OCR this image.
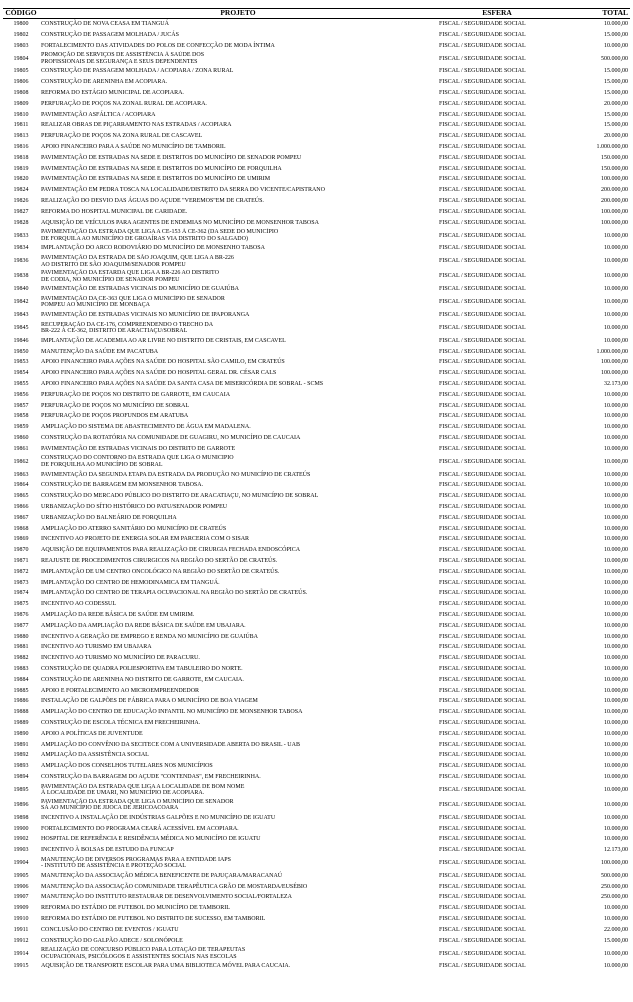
CÓDIGO	PROJETO	ESFERA	TOTAL
19800	CONSTRUÇÃO DE NOVA CEASA EM TIANGUÁ	FISCAL / SEGURIDADE SOCIAL	10.000,00
19802	CONSTRUÇÃO DE PASSAGEM MOLHADA / JUCÁS	FISCAL / SEGURIDADE SOCIAL	15.000,00
19803	FORTALECIMENTO DAS ATIVIDADES DO POLOS DE CONFECÇÃO DE MODA ÍNTIMA	FISCAL / SEGURIDADE SOCIAL	10.000,00
19804	PROMOÇÃO DE SERVIÇOS DE ASSISTÊNCIA À SAÚDE DOS
PROFISSIONAIS DE SEGURANÇA E SEUS DEPENDENTES	FISCAL / SEGURIDADE SOCIAL	500.000,00
19805	CONSTRUÇÃO DE PASSAGEM MOLHADA / ACOPIARA / ZONA RURAL	FISCAL / SEGURIDADE SOCIAL	15.000,00
19806	CONSTRUÇÃO DE ARENINHA EM ACOPIARA.	FISCAL / SEGURIDADE SOCIAL	15.000,00
19808	REFORMA DO ESTÁGIO MUNICIPAL DE ACOPIARA.	FISCAL / SEGURIDADE SOCIAL	15.000,00
19809	PERFURAÇÃO DE POÇOS NA ZONAL RURAL DE ACOPIARA.	FISCAL / SEGURIDADE SOCIAL	20.000,00
19810	PAVIMENTAÇÃO ASFÁLTICA / ACOPIARA	FISCAL / SEGURIDADE SOCIAL	15.000,00
19811	REALIZAR OBRAS DE PIÇARRAMENTO NAS ESTRADAS / ACOPIARA	FISCAL / SEGURIDADE SOCIAL	15.000,00
19813	PERFURAÇÃO DE POÇOS NA ZONA RURAL DE CASCAVEL	FISCAL / SEGURIDADE SOCIAL	20.000,00
19816	APOIO FINANCEIRO PARA A SAÚDE NO MUNICÍPIO DE TAMBORIL	FISCAL / SEGURIDADE SOCIAL	1.000.000,00
19818	PAVIMENTAÇÃO DE ESTRADAS NA SEDE E DISTRITOS DO MUNICÍPIO DE SENADOR POMPEU	FISCAL / SEGURIDADE SOCIAL	150.000,00
19819	PAVIMENTAÇÃO DE ESTRADAS NA SEDE E DISTRITOS DO MUNICÍPIO DE FORQUILHA	FISCAL / SEGURIDADE SOCIAL	150.000,00
19820	PAVIMENTAÇÃO DE ESTRADAS NA SEDE E DISTRITOS DO MUNICÍPIO DE UMIRIM	FISCAL / SEGURIDADE SOCIAL	100.000,00
19824	PAVIMENTAÇÃO EM PEDRA TOSCA NA LOCALIDADE/DISTRITO DA SERRA DO VICENTE/CAPISTRANO	FISCAL / SEGURIDADE SOCIAL	200.000,00
19826	REALIZAÇÃO DO DESVIO DAS ÁGUAS DO AÇUDE "VEREMOS"EM DE CRATEÚS.	FISCAL / SEGURIDADE SOCIAL	200.000,00
19827	REFORMA DO HOSPITAL MUNICIPAL DE CARIDADE.	FISCAL / SEGURIDADE SOCIAL	100.000,00
19828	AQUISIÇÃO DE VEÍCULOS PARA AGENTES DE ENDEMIAS NO MUNICÍPIO DE MONSENHOR TABOSA	FISCAL / SEGURIDADE SOCIAL	100.000,00
19833	PAVIMENTAÇÃO DA ESTRADA QUE LIGA A CE-153 À CE-362 (DA SEDE DO MUNICÍPIO
DE FORQUILA AO MUNICÍPIO DE GROAÍRAS VIA DISTRITO DO SALGADO)	FISCAL / SEGURIDADE SOCIAL	10.000,00
19834	IMPLANTAÇÃO DO ARCO RODOVIÁRIO DO MUNICÍPIO DE MONSENHO TABOSA	FISCAL / SEGURIDADE SOCIAL	10.000,00
19836	PAVIMENTAÇÃO DA ESTRADA DE SÃO JOAQUIM, QUE LIGA A BR-226
AO DISTRITO DE SÃO JOAQUIM/SENADOR POMPEU	FISCAL / SEGURIDADE SOCIAL	10.000,00
19838	PAVIMENTAÇÃO DA ESTARDA QUE LIGA A BR-226 AO DISTRITO
DE CODIA, NO MUNICÍPIO DE SENADOR POMPEU	FISCAL / SEGURIDADE SOCIAL	10.000,00
19840	PAVIMENTAÇÃO DE ESTRADAS VICINAIS DO MUNICÍPIO DE GUAIÚBA	FISCAL / SEGURIDADE SOCIAL	10.000,00
19842	PAVIMENTAÇÃO DA CE-363 QUE LIGA O MUNICÍPIO DE SENADOR
POMPEU AO MUNICÍPIO DE MONBAÇA	FISCAL / SEGURIDADE SOCIAL	10.000,00
19843	PAVIMENTAÇÃO DE ESTRADAS VICINAIS NO MUNICÍPIO DE IPAPORANGA	FISCAL / SEGURIDADE SOCIAL	10.000,00
19845	RECUPERAÇÃO DA CE-176, COMPREENDENDO O TRECHO DA
BR-222 À CE-362, DISTRITO DE ARACTIAÇU/SOBRAL	FISCAL / SEGURIDADE SOCIAL	10.000,00
19846	IMPLANTAÇÃO DE ACADEMIA AO AR LIVRE NO DISTRITO DE CRISTAIS, EM CASCAVEL	FISCAL / SEGURIDADE SOCIAL	10.000,00
19850	MANUTENÇÃO DA SAÚDE EM PACATUBA	FISCAL / SEGURIDADE SOCIAL	1.000.000,00
19853	APOIO FINANCEIRO PARA AÇÕES NA SAÚDE DO HOSPITAL SÃO CAMILO, EM CRATEÚS	FISCAL / SEGURIDADE SOCIAL	100.000,00
19854	APOIO FINANCEIRO PARA AÇÕES NA SAÚDE DO HOSPITAL GERAL DR. CÉSAR CALS	FISCAL / SEGURIDADE SOCIAL	100.000,00
19855	APOIO FINANCEIRO PARA AÇÕES NA SAÚDE DA SANTA CASA DE MISERICÓRDIA DE SOBRAL - SCMS	FISCAL / SEGURIDADE SOCIAL	32.173,00
19856	PERFURAÇÃO DE POÇOS NO DISTRITO DE GARROTE, EM CAUCAIA	FISCAL / SEGURIDADE SOCIAL	10.000,00
19857	PERFURAÇÃO DE POÇOS NO MUNICÍPIO DE SOBRAL	FISCAL / SEGURIDADE SOCIAL	10.000,00
19858	PERFURAÇÃO DE POÇOS PROFUNDOS EM ARATUBA	FISCAL / SEGURIDADE SOCIAL	10.000,00
19859	AMPLIAÇÃO DO SISTEMA DE ABASTECIMENTO DE ÁGUA EM MADALENA.	FISCAL / SEGURIDADE SOCIAL	10.000,00
19860	CONSTRUÇÃO DA ROTATÓRIA NA COMUNIDADE DE GUAGIRU, NO MUNICÍPIO DE CAUCAIA	FISCAL / SEGURIDADE SOCIAL	10.000,00
19861	PAVIMENTAÇÃO DE ESTRADAS VICINAIS DO DISTRITO DE GARROTE	FISCAL / SEGURIDADE SOCIAL	10.000,00
19862	CONSTRUÇÃO DO CONTORNO DA ESTRADA QUE LIGA O MUNICÍPIO
DE FORQUILHA AO MUNICÍPIO DE SOBRAL	FISCAL / SEGURIDADE SOCIAL	10.000,00
19863	PAVIMENTAÇÃO DA SEGUNDA ETAPA DA ESTRADA DA PRODUÇÃO NO MUNICÍPIO DE CRATEÚS	FISCAL / SEGURIDADE SOCIAL	10.000,00
19864	CONSTRUÇÃO DE BARRAGEM EM MONSENHOR TABOSA.	FISCAL / SEGURIDADE SOCIAL	10.000,00
19865	CONSTRUÇÃO DO MERCADO PÚBLICO DO DISTRITO DE ARACATIAÇU, NO MUNICÍPIO DE SOBRAL	FISCAL / SEGURIDADE SOCIAL	10.000,00
19866	URBANIZAÇÃO DO SÍTIO HISTÓRICO DO PATU/SENADOR POMPEU	FISCAL / SEGURIDADE SOCIAL	10.000,00
19867	URBANIZAÇÃO DO BALNEÁRIO DE FORQUILHA	FISCAL / SEGURIDADE SOCIAL	10.000,00
19868	AMPLIAÇÃO DO ATERRO SANITÁRIO DO MUNICÍPIO DE CRATEÚS	FISCAL / SEGURIDADE SOCIAL	10.000,00
19869	INCENTIVO AO PROJETO DE ENERGIA SOLAR EM PARCERIA COM O SISAR	FISCAL / SEGURIDADE SOCIAL	10.000,00
19870	AQUISIÇÃO DE EQUIPAMENTOS PARA REALIZAÇÃO DE CIRURGIA FECHADA ENDOSCÓPICA	FISCAL / SEGURIDADE SOCIAL	10.000,00
19871	REAJUSTE DE PROCEDIMENTOS CIRURGICOS NA REGIÃO DO SERTÃO DE CRATEÚS.	FISCAL / SEGURIDADE SOCIAL	10.000,00
19872	IMPLANTAÇÃO DE UM CENTRO ONCOLÓGICO NA REGIÃO DO SERTÃO DE CRATEÚS.	FISCAL / SEGURIDADE SOCIAL	10.000,00
19873	IMPLANTAÇÃO DO CENTRO DE HEMODINAMICA EM TIANGUÁ.	FISCAL / SEGURIDADE SOCIAL	10.000,00
19874	IMPLANTAÇÃO DO CENTRO DE TERAPIA OCUPACIONAL NA REGIÃO DO SERTÃO DE CRATEÚS.	FISCAL / SEGURIDADE SOCIAL	10.000,00
19875	INCENTIVO AO CODESSUL	FISCAL / SEGURIDADE SOCIAL	10.000,00
19876	AMPLIAÇÃO DA REDE BÁSICA DE SAÚDE EM UMIRIM.	FISCAL / SEGURIDADE SOCIAL	10.000,00
19877	AMPLIAÇÃO DA AMPLIAÇÃO DA REDE BÁSICA DE SAÚDE EM UBAJARA.	FISCAL / SEGURIDADE SOCIAL	10.000,00
19880	INCENTIVO A GERAÇÃO DE EMPREGO E RENDA NO MUNICÍPIO DE GUAIÚBA	FISCAL / SEGURIDADE SOCIAL	10.000,00
19881	INCENTIVO AO TURISMO EM UBAJARA	FISCAL / SEGURIDADE SOCIAL	10.000,00
19882	INCENTIVO AO TURISMO NO MUNICÍPIO DE PARACURU.	FISCAL / SEGURIDADE SOCIAL	10.000,00
19883	CONSTRUÇÃO DE QUADRA POLIESPORTIVA EM TABULEIRO DO NORTE.	FISCAL / SEGURIDADE SOCIAL	10.000,00
19884	CONSTRUÇÃO DE ARENINHA NO DISTRITO DE GARROTE, EM CAUCAIA.	FISCAL / SEGURIDADE SOCIAL	10.000,00
19885	APOIO E FORTALECIMENTO AO MICROEMPREENDEDOR	FISCAL / SEGURIDADE SOCIAL	10.000,00
19886	INSTALAÇÃO DE GALPÕES DE FÁBRICA PARA O MUNICÍPIO DE BOA VIAGEM	FISCAL / SEGURIDADE SOCIAL	10.000,00
19888	AMPLIAÇÃO DO CENTRO DE EDUCAÇÃO INFANTIL NO MUNICÍPIO DE MONSENHOR TABOSA	FISCAL / SEGURIDADE SOCIAL	10.000,00
19889	CONSTRUÇÃO DE ESCOLA TÉCNICA EM FRECHEIRINHA.	FISCAL / SEGURIDADE SOCIAL	10.000,00
19890	APOIO A POLÍTICAS DE JUVENTUDE	FISCAL / SEGURIDADE SOCIAL	10.000,00
19891	AMPLIAÇÃO DO CONVÊNIO DA SECITECE COM A UNIVERSIDADE ABERTA DO BRASIL - UAB	FISCAL / SEGURIDADE SOCIAL	10.000,00
19892	AMPLIAÇÃO DA ASSISTÊNCIA SOCIAL	FISCAL / SEGURIDADE SOCIAL	10.000,00
19893	AMPLIAÇÃO DOS CONSELHOS TUTELARES NOS MUNICÍPIOS	FISCAL / SEGURIDADE SOCIAL	10.000,00
19894	CONSTRUÇÃO DA BARRAGEM DO AÇUDE "CONTENDAS", EM FRECHEIRINHA.	FISCAL / SEGURIDADE SOCIAL	10.000,00
19895	PAVIMENTAÇÃO DA ESTRADA QUE LIGA A LOCALIDADE DE BOM NOME
À LOCALIDADE DE UMARI, NO MUNICÍPIO DE ACOPIARA.	FISCAL / SEGURIDADE SOCIAL	10.000,00
19896	PAVIMENTAÇÃO DA ESTRADA QUE LIGA O MUNICÍPIO DE SENADOR
SÁ AO MUNICÍPIO DE JIJOCA DE JERICOACOARA	FISCAL / SEGURIDADE SOCIAL	10.000,00
19898	INCENTIVO A INSTALAÇÃO DE INDÚSTRIAS GALPÕES E NO MUNICÍPIO DE IGUATU	FISCAL / SEGURIDADE SOCIAL	10.000,00
19900	FORTALECIMENTO DO PROGRAMA CEARÁ ACESSÍVEL EM ACOPIARA.	FISCAL / SEGURIDADE SOCIAL	10.000,00
19902	HOSPITAL DE REFERÊNCIA E RESIDÊNCIA MÉDICA NO MUNICÍPIO DE IGUATU	FISCAL / SEGURIDADE SOCIAL	10.000,00
19903	INCENTIVO À BOLSAS DE ESTUDO DA FUNCAP	FISCAL / SEGURIDADE SOCIAL	12.173,00
19904	MANUTENÇÃO DE DIVERSOS PROGRAMAS PARA A ENTIDADE IAPS
- INSTITUTO DE ASSISTÊNCIA E PROTEÇÃO SOCIAL	FISCAL / SEGURIDADE SOCIAL	100.000,00
19905	MANUTENÇÃO DA ASSOCIAÇÃO MÉDICA BENEFICENTE DE PAJUÇARA/MARACANAÚ	FISCAL / SEGURIDADE SOCIAL	500.000,00
19906	MANUTENÇÃO DA ASSOCIAÇÃO COMUNIDADE TERAPÊUTICA GRÃO DE MOSTARDA/EUSÉBIO	FISCAL / SEGURIDADE SOCIAL	250.000,00
19907	MANUTENÇÃO DO INSTITUTO RESTAURAR DE DESENVOLVIMENTO SOCIAL/FORTALEZA	FISCAL / SEGURIDADE SOCIAL	250.000,00
19909	REFORMA DO ESTÁDIO DE FUTEBOL DO MUNICÍPIO DE TAMBORIL	FISCAL / SEGURIDADE SOCIAL	10.000,00
19910	REFORMA DO ESTÁDIO DE FUTEBOL NO DISTRITO DE SUCESSO, EM TAMBORIL	FISCAL / SEGURIDADE SOCIAL	10.000,00
19911	CONCLUSÃO DO CENTRO DE EVENTOS / IGUATU	FISCAL / SEGURIDADE SOCIAL	22.000,00
19912	CONSTRUÇÃO DO GALPÃO ADECE / SOLONÓPOLE	FISCAL / SEGURIDADE SOCIAL	15.000,00
19914	REALIZAÇÃO DE CONCURSO PÚBLICO PARA LOTAÇÃO DE TERAPEUTAS
OCUPACIONAIS, PSICÓLOGOS E ASSISTENTES SOCIAIS NAS ESCOLAS	FISCAL / SEGURIDADE SOCIAL	10.000,00
19915	AQUISIÇÃO DE TRANSPORTE ESCOLAR PARA UMA BIBLIOTECA MÓVEL PARA CAUCAIA.	FISCAL / SEGURIDADE SOCIAL	10.000,00
